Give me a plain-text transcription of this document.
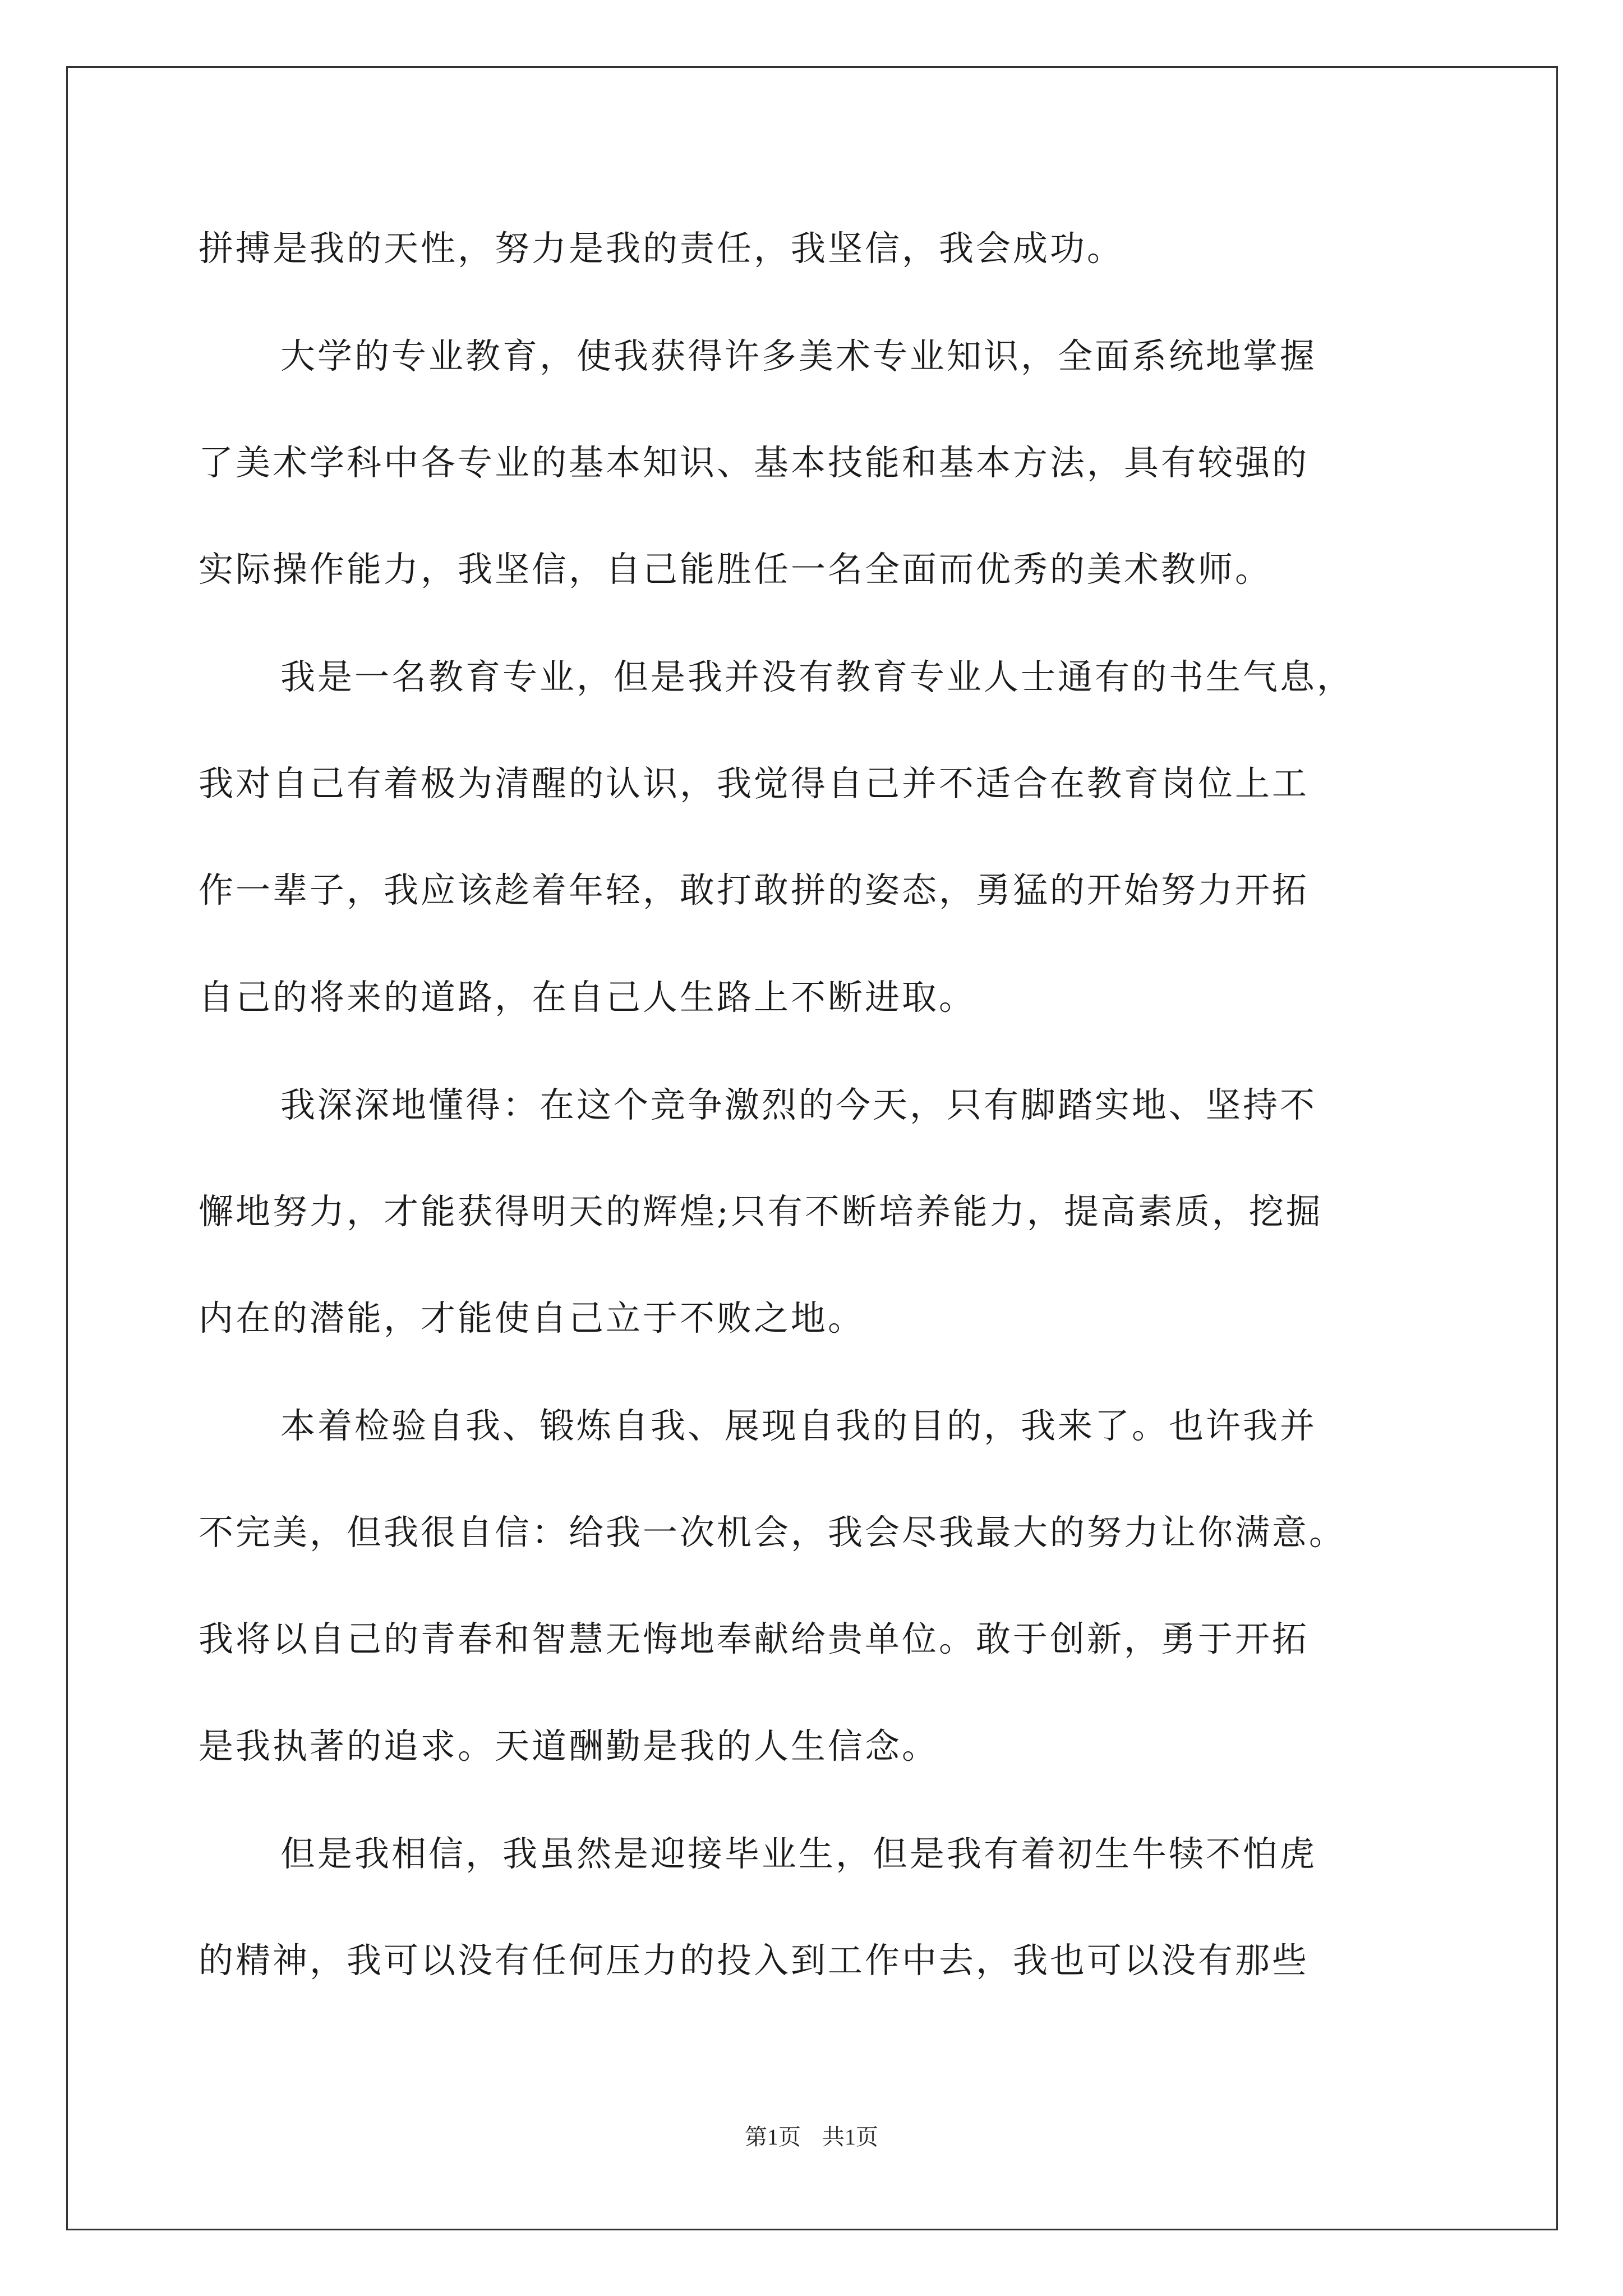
拼搏是我的天性，努力是我的责任，我坚信，我会成功。
大学的专业教育，使我获得许多美术专业知识，全面系统地掌握
了美术学科中各专业的基本知识、基本技能和基本方法，具有较强的
实际操作能力，我坚信，自己能胜任一名全面而优秀的美术教师。
我是一名教育专业，但是我并没有教育专业人士通有的书生气息，
我对自己有着极为清醒的认识，我觉得自己并不适合在教育岗位上工
作一辈子，我应该趁着年轻，敢打敢拼的姿态，勇猛的开始努力开拓
自己的将来的道路，在自己人生路上不断进取。
我深深地懂得：在这个竞争激烈的今天，只有脚踏实地、坚持不
懈地努力，才能获得明天的辉煌;只有不断培养能力，提高素质，挖掘
内在的潜能，才能使自己立于不败之地。
本着检验自我、锻炼自我、展现自我的目的，我来了。也许我并
不完美，但我很自信：给我一次机会，我会尽我最大的努力让你满意。
我将以自己的青春和智慧无悔地奉献给贵单位。敢于创新，勇于开拓
是我执著的追求。天道酬勤是我的人生信念。
但是我相信，我虽然是迎接毕业生，但是我有着初生牛犊不怕虎
的精神，我可以没有任何压力的投入到工作中去，我也可以没有那些
第1页 共1页
